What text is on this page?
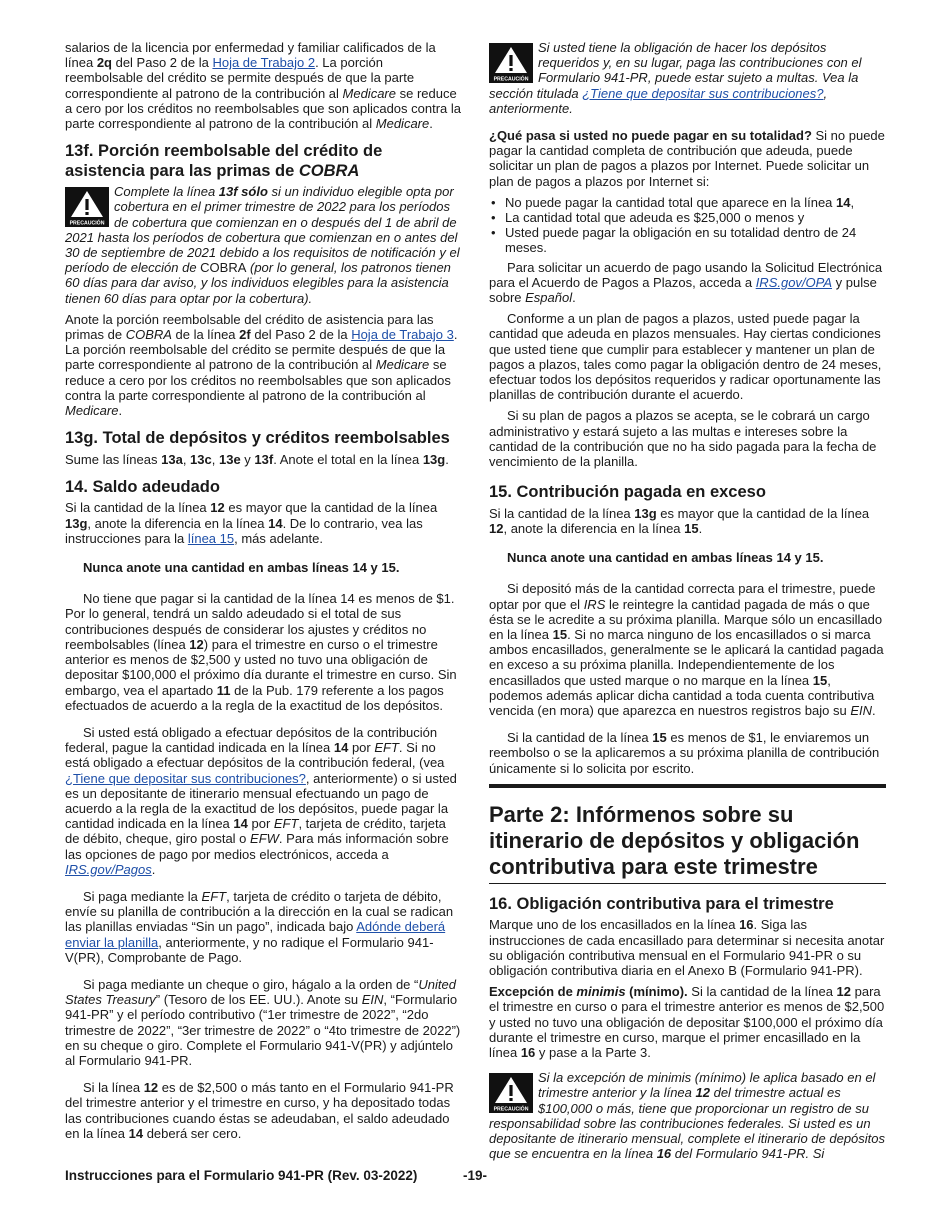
salarios de la licencia por enfermedad y familiar calificados de la línea 2q del Paso 2 de la Hoja de Trabajo 2. La porción reembolsable del crédito se permite después de que la parte correspondiente al patrono de la contribución al Medicare se reduce a cero por los créditos no reembolsables que son aplicados contra la parte correspondiente al patrono de la contribución al Medicare.

13f. Porción reembolsable del crédito de asistencia para las primas de COBRA
PRECAUCIÓN
Complete la línea 13f sólo si un individuo elegible opta por cobertura en el primer trimestre de 2022 para los períodos de cobertura que comienzan en o después del 1 de abril de 2021 hasta los períodos de cobertura que comienzan en o antes del 30 de septiembre de 2021 debido a los requisitos de notificación y el período de elección de COBRA (por lo general, los patronos tienen 60 días para dar aviso, y los individuos elegibles para la asistencia tienen 60 días para optar por la cobertura).

Anote la porción reembolsable del crédito de asistencia para las primas de COBRA de la línea 2f del Paso 2 de la Hoja de Trabajo 3. La porción reembolsable del crédito se permite después de que la parte correspondiente al patrono de la contribución al Medicare se reduce a cero por los créditos no reembolsables que son aplicados contra la parte correspondiente al patrono de la contribución al Medicare.

13g. Total de depósitos y créditos reembolsables

Sume las líneas 13a, 13c, 13e y 13f. Anote el total en la línea 13g.

14. Saldo adeudado

Si la cantidad de la línea 12 es mayor que la cantidad de la línea 13g, anote la diferencia en la línea 14. De lo contrario, vea las instrucciones para la línea 15, más adelante.

Nunca anote una cantidad en ambas líneas 14 y 15.

No tiene que pagar si la cantidad de la línea 14 es menos de $1. Por lo general, tendrá un saldo adeudado si el total de sus contribuciones después de considerar los ajustes y créditos no reembolsables (línea 12) para el trimestre en curso o el trimestre anterior es menos de $2,500 y usted no tuvo una obligación de depositar $100,000 el próximo día durante el trimestre en curso. Sin embargo, vea el apartado 11 de la Pub. 179 referente a los pagos efectuados de acuerdo a la regla de la exactitud de los depósitos.

Si usted está obligado a efectuar depósitos de la contribución federal, pague la cantidad indicada en la línea 14 por EFT. Si no está obligado a efectuar depósitos de la contribución federal, (vea ¿Tiene que depositar sus contribuciones?, anteriormente) o si usted es un depositante de itinerario mensual efectuando un pago de acuerdo a la regla de la exactitud de los depósitos, puede pagar la cantidad indicada en la línea 14 por EFT, tarjeta de crédito, tarjeta de débito, cheque, giro postal o EFW. Para más información sobre las opciones de pago por medios electrónicos, acceda a IRS.gov/Pagos.

Si paga mediante la EFT, tarjeta de crédito o tarjeta de débito, envíe su planilla de contribución a la dirección en la cual se radican las planillas enviadas “Sin un pago”, indicada bajo Adónde deberá enviar la planilla, anteriormente, y no radique el Formulario 941-V(PR), Comprobante de Pago.

Si paga mediante un cheque o giro, hágalo a la orden de “United States Treasury” (Tesoro de los EE. UU.). Anote su EIN, “Formulario 941-PR” y el período contributivo (“1er trimestre de 2022”, “2do trimestre de 2022”, “3er trimestre de 2022” o “4to trimestre de 2022”) en su cheque o giro. Complete el Formulario 941-V(PR) y adjúntelo al Formulario 941-PR.

Si la línea 12 es de $2,500 o más tanto en el Formulario 941-PR del trimestre anterior y el trimestre en curso, y ha depositado todas las contribuciones cuando éstas se adeudaban, el saldo adeudado en la línea 14 deberá ser cero.

PRECAUCIÓN
Si usted tiene la obligación de hacer los depósitos requeridos y, en su lugar, paga las contribuciones con el Formulario 941-PR, puede estar sujeto a multas. Vea la sección titulada ¿Tiene que depositar sus contribuciones?, anteriormente.

¿Qué pasa si usted no puede pagar en su totalidad? Si no puede pagar la cantidad completa de contribución que adeuda, puede solicitar un plan de pagos a plazos por Internet. Puede solicitar un plan de pagos a plazos por Internet si:

• No puede pagar la cantidad total que aparece en la línea 14,
• La cantidad total que adeuda es $25,000 o menos y
• Usted puede pagar la obligación en su totalidad dentro de 24 meses.

Para solicitar un acuerdo de pago usando la Solicitud Electrónica para el Acuerdo de Pagos a Plazos, acceda a IRS.gov/OPA y pulse sobre Español.

Conforme a un plan de pagos a plazos, usted puede pagar la cantidad que adeuda en plazos mensuales. Hay ciertas condiciones que usted tiene que cumplir para establecer y mantener un plan de pagos a plazos, tales como pagar la obligación dentro de 24 meses, efectuar todos los depósitos requeridos y radicar oportunamente las planillas de contribución durante el acuerdo.

Si su plan de pagos a plazos se acepta, se le cobrará un cargo administrativo y estará sujeto a las multas e intereses sobre la cantidad de la contribución que no ha sido pagada para la fecha de vencimiento de la planilla.

15. Contribución pagada en exceso

Si la cantidad de la línea 13g es mayor que la cantidad de la línea 12, anote la diferencia en la línea 15.

Nunca anote una cantidad en ambas líneas 14 y 15.

Si depositó más de la cantidad correcta para el trimestre, puede optar por que el IRS le reintegre la cantidad pagada de más o que ésta se le acredite a su próxima planilla. Marque sólo un encasillado en la línea 15. Si no marca ninguno de los encasillados o si marca ambos encasillados, generalmente se le aplicará la cantidad pagada en exceso a su próxima planilla. Independientemente de los encasillados que usted marque o no marque en la línea 15, podemos además aplicar dicha cantidad a toda cuenta contributiva vencida (en mora) que aparezca en nuestros registros bajo su EIN.

Si la cantidad de la línea 15 es menos de $1, le enviaremos un reembolso o se la aplicaremos a su próxima planilla de contribución únicamente si lo solicita por escrito.

Parte 2: Infórmenos sobre su itinerario de depósitos y obligación contributiva para este trimestre
16. Obligación contributiva para el trimestre

Marque uno de los encasillados en la línea 16. Siga las instrucciones de cada encasillado para determinar si necesita anotar su obligación contributiva mensual en el Formulario 941-PR o su obligación contributiva diaria en el Anexo B (Formulario 941-PR).

Excepción de minimis (mínimo). Si la cantidad de la línea 12 para el trimestre en curso o para el trimestre anterior es menos de $2,500 y usted no tuvo una obligación de depositar $100,000 el próximo día durante el trimestre en curso, marque el primer encasillado en la línea 16 y pase a la Parte 3.

PRECAUCIÓN
Si la excepción de minimis (mínimo) le aplica basado en el trimestre anterior y la línea 12 del trimestre actual es $100,000 o más, tiene que proporcionar un registro de su responsabilidad sobre las contribuciones federales. Si usted es un depositante de itinerario mensual, complete el itinerario de depósitos que se encuentra en la línea 16 del Formulario 941-PR. Si
Instrucciones para el Formulario 941-PR (Rev. 03-2022)	-19-
